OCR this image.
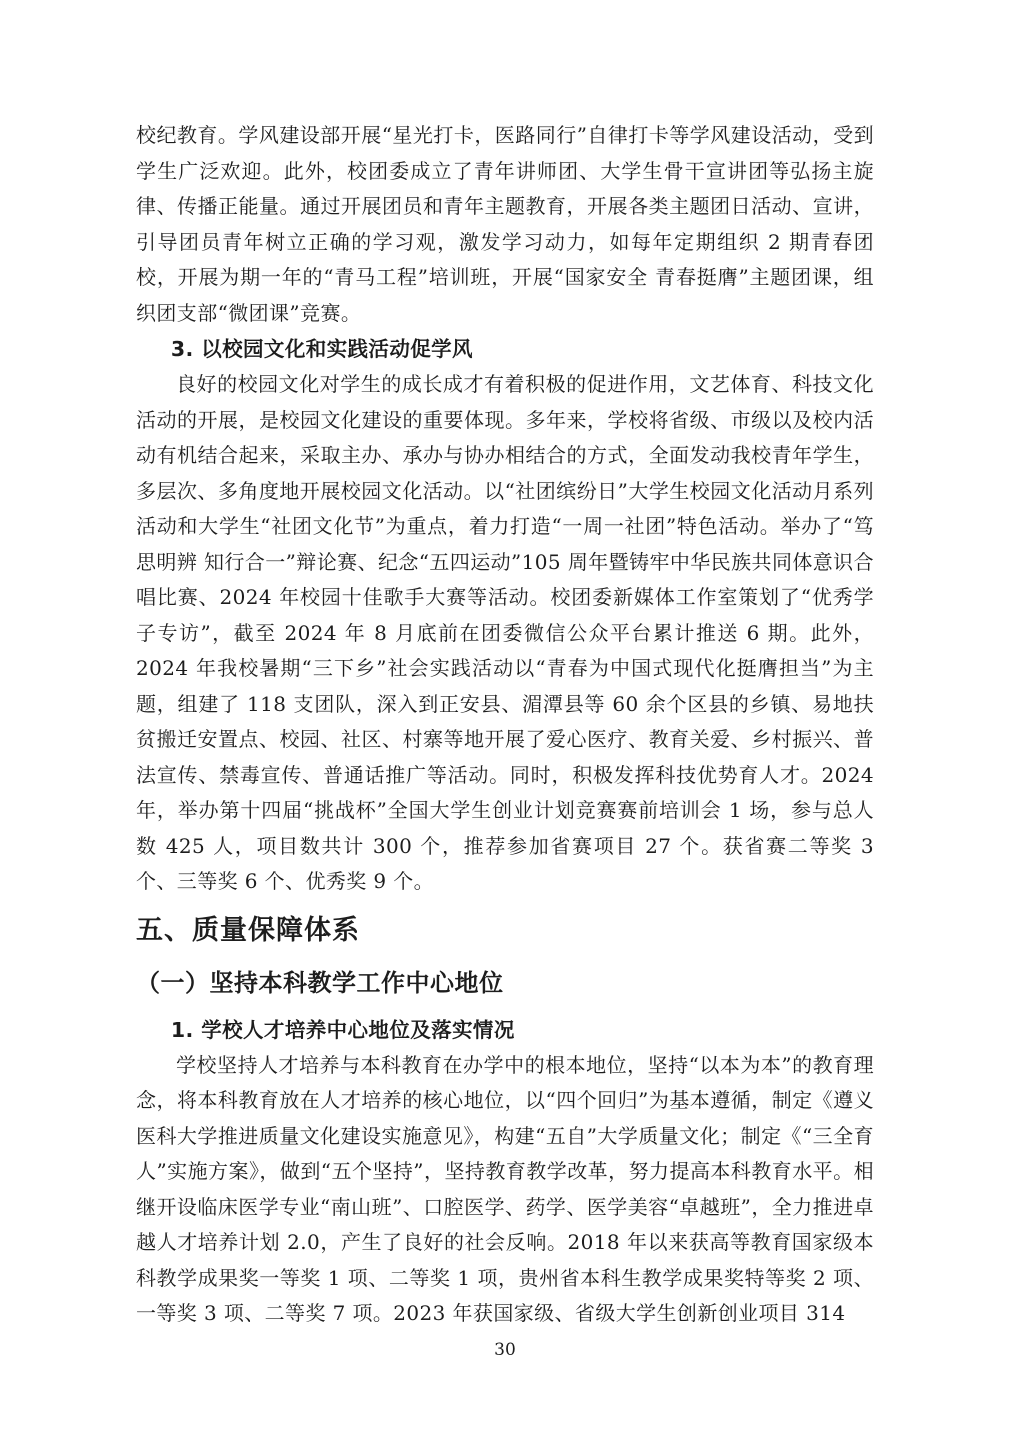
校纪教育。学风建设部开展“星光打卡，医路同行”自律打卡等学风建设活动，受到学生广泛欢迎。此外，校团委成立了青年讲师团、大学生骨干宣讲团等弘扬主旋律、传播正能量。通过开展团员和青年主题教育，开展各类主题团日活动、宣讲，引导团员青年树立正确的学习观，激发学习动力，如每年定期组织 2 期青春团校，开展为期一年的“青马工程”培训班，开展“国家安全 青春挺膺”主题团课，组织团支部“微团课”竞赛。

3. 以校园文化和实践活动促学风

良好的校园文化对学生的成长成才有着积极的促进作用，文艺体育、科技文化活动的开展，是校园文化建设的重要体现。多年来，学校将省级、市级以及校内活动有机结合起来，采取主办、承办与协办相结合的方式，全面发动我校青年学生，多层次、多角度地开展校园文化活动。以“社团缤纷日”大学生校园文化活动月系列活动和大学生“社团文化节”为重点，着力打造“一周一社团”特色活动。举办了“笃思明辨 知行合一”辩论赛、纪念“五四运动”105 周年暨铸牢中华民族共同体意识合唱比赛、2024 年校园十佳歌手大赛等活动。校团委新媒体工作室策划了“优秀学子专访”，截至 2024 年 8 月底前在团委微信公众平台累计推送 6 期。此外，2024 年我校暑期“三下乡”社会实践活动以“青春为中国式现代化挺膺担当”为主题，组建了 118 支团队，深入到正安县、湄潭县等 60 余个区县的乡镇、易地扶贫搬迁安置点、校园、社区、村寨等地开展了爱心医疗、教育关爱、乡村振兴、普法宣传、禁毒宣传、普通话推广等活动。同时，积极发挥科技优势育人才。2024 年，举办第十四届“挑战杯”全国大学生创业计划竞赛赛前培训会 1 场，参与总人数 425 人，项目数共计 300 个，推荐参加省赛项目 27 个。获省赛二等奖 3 个、三等奖 6 个、优秀奖 9 个。

五、质量保障体系
（一）坚持本科教学工作中心地位
1. 学校人才培养中心地位及落实情况

学校坚持人才培养与本科教育在办学中的根本地位，坚持“以本为本”的教育理念，将本科教育放在人才培养的核心地位，以“四个回归”为基本遵循，制定《遵义医科大学推进质量文化建设实施意见》，构建“五自”大学质量文化；制定《“三全育人”实施方案》，做到“五个坚持”，坚持教育教学改革，努力提高本科教育水平。相继开设临床医学专业“南山班”、口腔医学、药学、医学美容“卓越班”，全力推进卓越人才培养计划 2.0，产生了良好的社会反响。2018 年以来获高等教育国家级本科教学成果奖一等奖 1 项、二等奖 1 项，贵州省本科生教学成果奖特等奖 2 项、一等奖 3 项、二等奖 7 项。2023 年获国家级、省级大学生创新创业项目 314

30
